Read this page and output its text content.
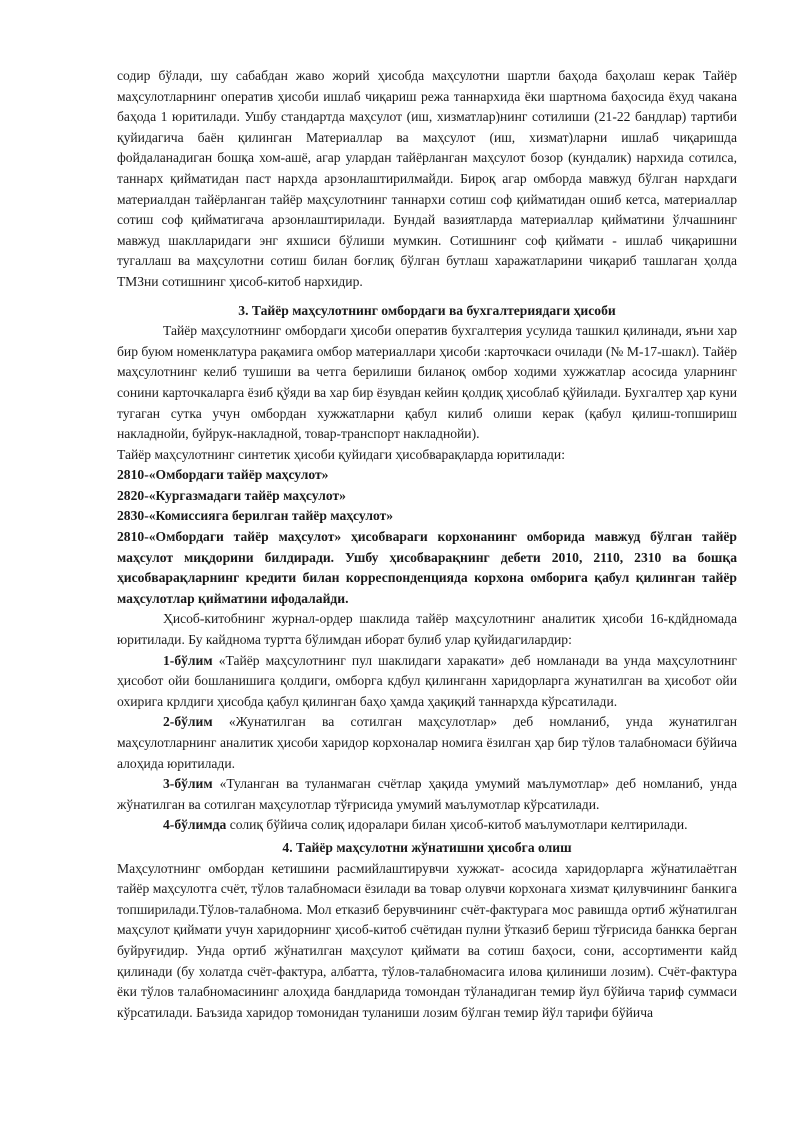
содир бўлади, шу сабабдан жаво жорий ҳисобда маҳсулотни шартли баҳода баҳолаш керак Тайёр маҳсулотларнинг оператив ҳисоби ишлаб чиқариш режа таннархида ёки шартнома баҳосида ёхуд чакана баҳода 1 юритилади. Ушбу стандартда маҳсулот (иш, хизматлар)нинг сотилиши (21-22 бандлар) тартиби қуйидагича баён қилинган Материаллар ва маҳсулот (иш, хизмат)ларни ишлаб чиқаришда фойдаланадиган бошқа хом-ашё, агар улардан тайёрланган маҳсулот бозор (кундалик) нархида сотилса, таннарх қийматидан паст нархда арзонлаштирилмайди. Бироқ агар омборда мавжуд бўлган нархдаги материалдан тайёрланган тайёр маҳсулотнинг таннархи сотиш соф қийматидан ошиб кетса, материаллар сотиш соф қийматигача арзонлаштирилади. Бундай вазиятларда материаллар қийматини ўлчашнинг мавжуд шаклларидаги энг яхшиси бўлиши мумкин. Сотишнинг соф қиймати - ишлаб чиқаришни тугаллаш ва маҳсулотни сотиш билан боғлиқ бўлган бутлаш харажатларини чиқариб ташлаган ҳолда ТМЗни сотишнинг ҳисоб-китоб нархидир.

3. Тайёр маҳсулотнинг омбордаги ва бухгалтериядаги ҳисоби

Тайёр маҳсулотнинг омбордаги ҳисоби оператив бухгалтерия усулида ташкил қилинади, яъни хар бир буюм номенклатура рақамига омбор материаллари ҳисоби :карточкаси очилади (№ М-17-шакл). Тайёр маҳсулотнинг келиб тушиши ва четга берилиши биланоқ омбор ходими хужжатлар асосида уларнинг сонини карточкаларга ёзиб қўяди ва хар бир ёзувдан кейин қолдиқ ҳисоблаб қўйилади. Бухгалтер ҳар куни тугаган сутка учун омбордан хужжатларни қабул килиб олиши керак (қабул қилиш-топшириш накладнойи, буйрук-накладной, товар-транспорт накладнойи).

Тайёр маҳсулотнинг синтетик ҳисоби қуйидаги ҳисобварақларда юритилади:

2810-«Омбордаги тайёр маҳсулот»

2820-«Кургазмадаги тайёр маҳсулот»

2830-«Комиссияга берилган тайёр маҳсулот»

2810-«Омбордаги тайёр маҳсулот» ҳисобвараги корхонанинг омборида мавжуд бўлган тайёр маҳсулот миқдорини билдиради. Ушбу ҳисобварақнинг дебети 2010, 2110, 2310 ва бошқа ҳисобварақларнинг кредити билан корреспонденцияда корхона омборига қабул қилинган тайёр маҳсулотлар қийматини ифодалайди.

Ҳисоб-китобнинг журнал-ордер шаклида тайёр маҳсулотнинг аналитик ҳисоби 16-кдйдномада юритилади. Бу кайднома туртта бўлимдан иборат булиб улар қуйидагилардир:

1-бўлим «Тайёр маҳсулотнинг пул шаклидаги харакати» деб номланади ва унда маҳсулотнинг ҳисобот ойи бошланишига қолдиги, омборга кдбул қилинганн харидорларга жунатилган ва ҳисобот ойи охирига крлдиги ҳисобда қабул қилинган баҳо ҳамда ҳақиқий таннархда кўрсатилади.

2-бўлим «Жунатилган ва сотилган маҳсулотлар» деб номланиб, унда жунатилган маҳсулотларнинг аналитик ҳисоби харидор корхоналар номига ёзилган ҳар бир тўлов талабномаси бўйича алоҳида юритилади.

3-бўлим «Туланган ва туланмаган счётлар ҳақида умумий маълумотлар» деб номланиб, унда жўнатилган ва сотилган маҳсулотлар тўғрисида умумий маълумотлар кўрсатилади.

4-бўлимда солиқ бўйича солиқ идоралари билан ҳисоб-китоб маълумотлари келтирилади.

4. Тайёр маҳсулотни жўнатишни ҳисобга олиш

Маҳсулотнинг омбордан кетишини расмийлаштирувчи хужжат- асосида харидорларга жўнатилаётган тайёр маҳсулотга счёт, тўлов талабномаси ёзилади ва товар олувчи корхонага хизмат қилувчининг банкига топширилади.Тўлов-талабнома. Мол етказиб берувчининг счёт-фактурага мос равишда ортиб жўнатилган маҳсулот қиймати учун харидорнинг ҳисоб-китоб счётидан пулни ўтказиб бериш тўғрисида банкка берган буйруғидир. Унда ортиб жўнатилган маҳсулот қиймати ва сотиш баҳоси, сони, ассортименти кайд қилинади (бу холатда счёт-фактура, албатта, тўлов-талабномасига илова қилиниши лозим). Счёт-фактура ёки тўлов талабномасининг алоҳида бандларида томондан тўланадиган темир йул бўйича тариф суммаси кўрсатилади. Баъзида харидор томонидан туланиши лозим бўлган темир йўл тарифи бўйича
